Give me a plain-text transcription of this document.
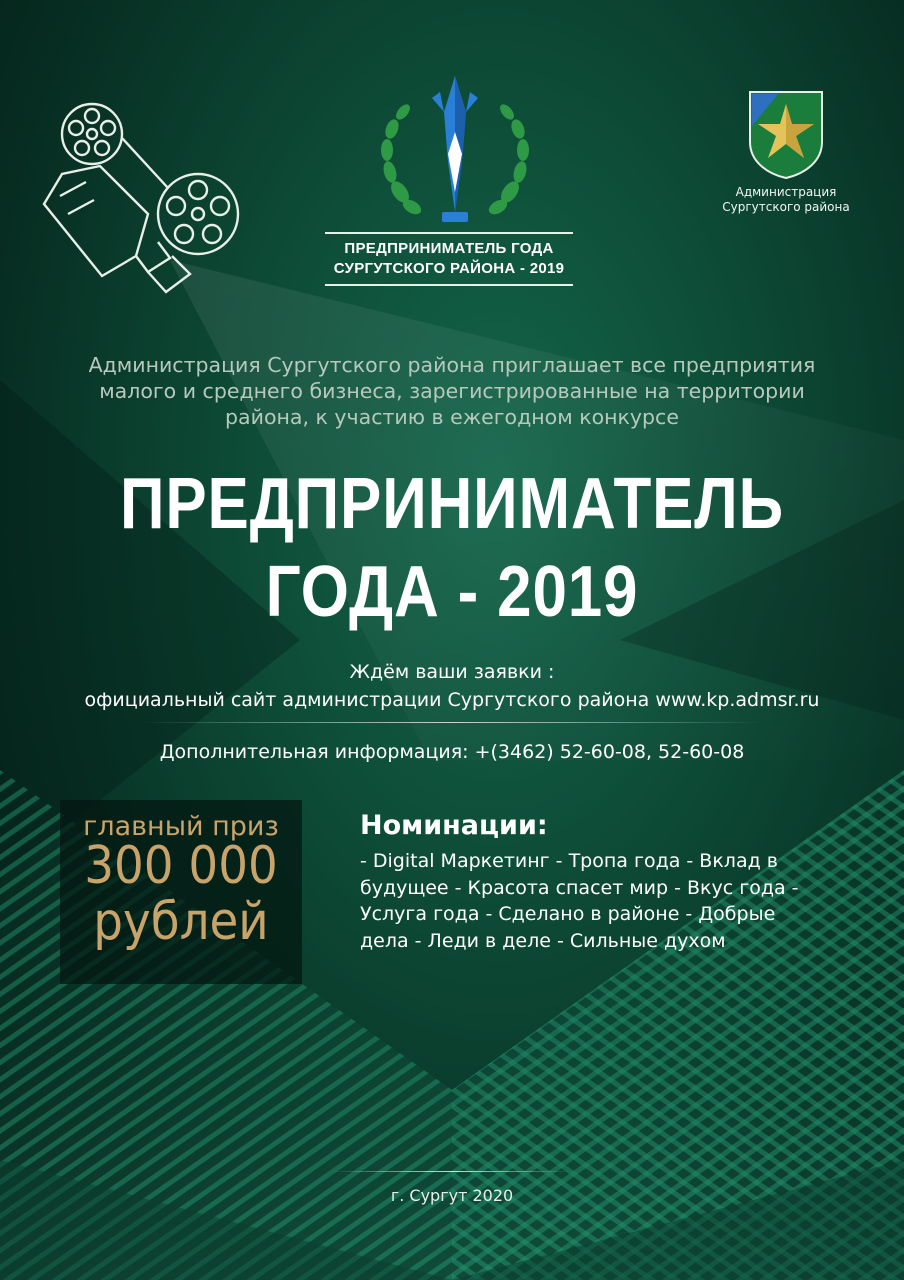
ПРЕДПРИНИМАТЕЛЬ ГОДА
СУРГУТСКОГО РАЙОНА - 2019
Администрация
Сургутского района
Администрация Сургутского района приглашает все предприятия
малого и среднего бизнеса, зарегистрированные на территории
района, к участию в ежегодном конкурсе
ПРЕДПРИНИМАТЕЛЬ
ГОДА - 2019
Ждём ваши заявки :
официальный сайт администрации Сургутского района www.kp.admsr.ru
Дополнительная информация: +(3462) 52-60-08, 52-60-08
главный приз
300 000
рублей
Номинации:
- Digital Маркетинг - Тропа года - Вклад в
будущее - Красота спасет мир - Вкус года -
Услуга года - Сделано в районе - Добрые
дела - Леди в деле - Сильные духом
г. Сургут 2020
